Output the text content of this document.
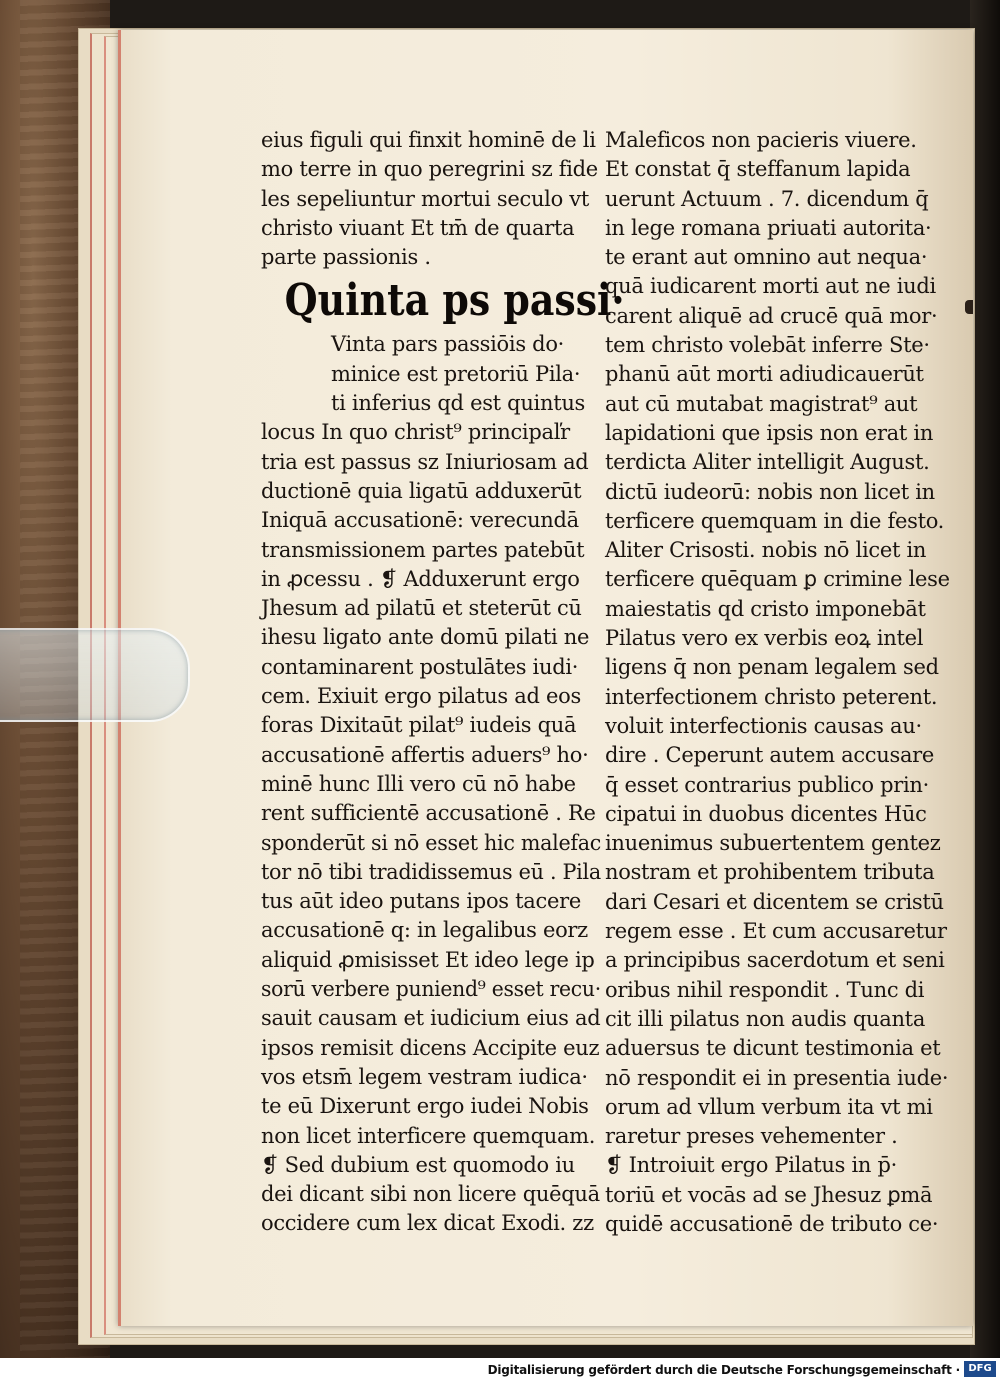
eius figuli qui finxit hominē de li
mo terre in quo peregrini sz fide
les sepeliuntur mortui seculo vt
christo viuant Et tm̄ de quarta
parte passionis .
Quinta ps passi·
Vinta pars passiōis do·
minice est pretoriū Pila·
ti inferius qd est quintus
locus In quo christ⁹ principaľr
tria est passus sz Iniuriosam ad
ductionē quia ligatū adduxerūt
Iniquā accusationē: verecundā
transmissionem partes patebūt
in ꝓcessu . ❡ Adduxerunt ergo
Jhesum ad pilatū et steterūt cū
ihesu ligato ante domū pilati ne
contaminarent postulātes iudi·
cem. Exiuit ergo pilatus ad eos
foras Dixitaūt pilat⁹ iudeis quā
accusationē affertis aduers⁹ ho·
minē hunc Illi vero cū nō habe
rent sufficientē accusationē . Re
sponderūt si nō esset hic malefac
tor nō tibi tradidissemus eū . Pila
tus aūt ideo putans ipos tacere
accusationē q: in legalibus eorz
aliquid ꝓmisisset Et ideo lege ip
sorū verbere puniend⁹ esset recu·
sauit causam et iudicium eius ad
ipsos remisit dicens Accipite euz
vos etsm̄ legem vestram iudica·
te eū Dixerunt ergo iudei Nobis
non licet interficere quemquam.
❡ Sed dubium est quomodo iu
dei dicant sibi non licere quēquā
occidere cum lex dicat Exodi. zz
Maleficos non pacieris viuere.
Et constat q̄ steffanum lapida
uerunt Actuum . 7. dicendum q̄
in lege romana priuati autorita·
te erant aut omnino aut nequa·
quā iudicarent morti aut ne iudi
carent aliquē ad crucē quā mor·
tem christo volebāt inferre Ste·
phanū aūt morti adiudicauerūt
aut cū mutabat magistrat⁹ aut
lapidationi que ipsis non erat in
terdicta Aliter intelligit August.
dictū iudeorū: nobis non licet in
terficere quemquam in die festo.
Aliter Crisosti. nobis nō licet in
terficere quēquam ꝑ crimine lese
maiestatis qd cristo imponebāt
Pilatus vero ex verbis eoꝝ intel
ligens q̄ non penam legalem sed
interfectionem christo peterent.
voluit interfectionis causas au·
dire . Ceperunt autem accusare
q̄ esset contrarius publico prin·
cipatui in duobus dicentes Hūc
inuenimus subuertentem gentez
nostram et prohibentem tributa
dari Cesari et dicentem se cristū
regem esse . Et cum accusaretur
a principibus sacerdotum et seni
oribus nihil respondit . Tunc di
cit illi pilatus non audis quanta
aduersus te dicunt testimonia et
nō respondit ei in presentia iude·
orum ad vllum verbum ita vt mi
raretur preses vehementer .
❡ Introiuit ergo Pilatus in p̄·
toriū et vocās ad se Jhesuz ꝑmā
quidē accusationē de tributo ce·
Digitalisierung gefördert durch die Deutsche Forschungsgemeinschaft · DFG
